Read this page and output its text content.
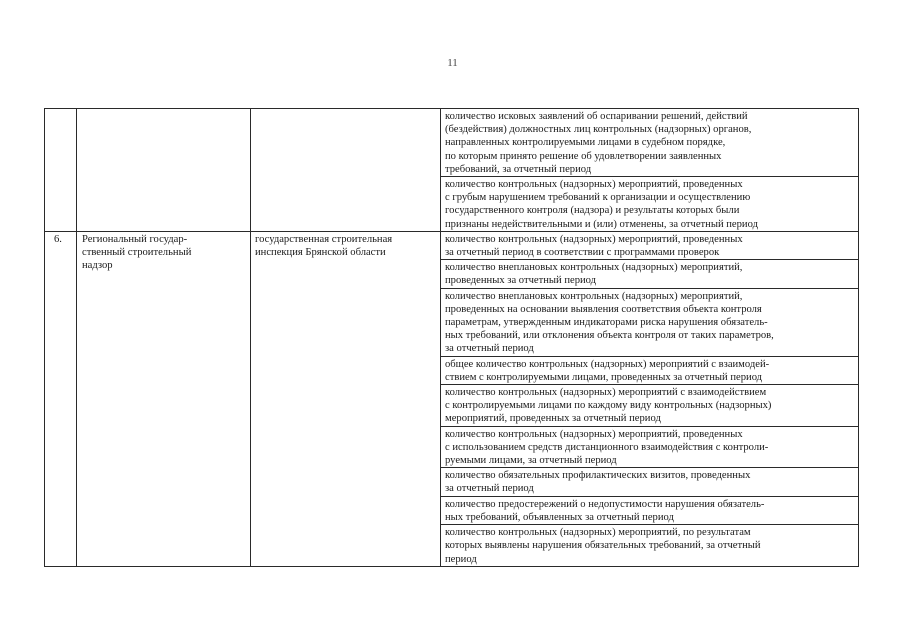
11

			количество исковых заявлений об оспаривании решений, действий
(бездействия) должностных лиц контрольных (надзорных) органов,
направленных контролируемыми лицами в судебном порядке,
по которым принято решение об удовлетворении заявленных
требований, за отчетный период

			количество контрольных (надзорных) мероприятий, проведенных
с грубым нарушением требований к организации и осуществлению
государственного контроля (надзора) и результаты которых были
признаны недействительными и (или) отменены, за отчетный период

6.	Региональный государ-
ственный строительный
надзор	государственная строительная
инспекция Брянской области	количество контрольных (надзорных) мероприятий, проведенных
за отчетный период в соответствии с программами проверок

			количество внеплановых контрольных (надзорных) мероприятий,
проведенных за отчетный период

			количество внеплановых контрольных (надзорных) мероприятий,
проведенных на основании выявления соответствия объекта контроля
параметрам, утвержденным индикаторами риска нарушения обязатель-
ных требований, или отклонения объекта контроля от таких параметров,
за отчетный период

			общее количество контрольных (надзорных) мероприятий с взаимодей-
ствием с контролируемыми лицами, проведенных за отчетный период

			количество контрольных (надзорных) мероприятий с взаимодействием
с контролируемыми лицами по каждому виду контрольных (надзорных)
мероприятий, проведенных за отчетный период

			количество контрольных (надзорных) мероприятий, проведенных
с использованием средств дистанционного взаимодействия с контроли-
руемыми лицами, за отчетный период

			количество обязательных профилактических визитов, проведенных
за отчетный период

			количество предостережений о недопустимости нарушения обязатель-
ных требований, объявленных за отчетный период

			количество контрольных (надзорных) мероприятий, по результатам
которых выявлены нарушения обязательных требований, за отчетный
период
